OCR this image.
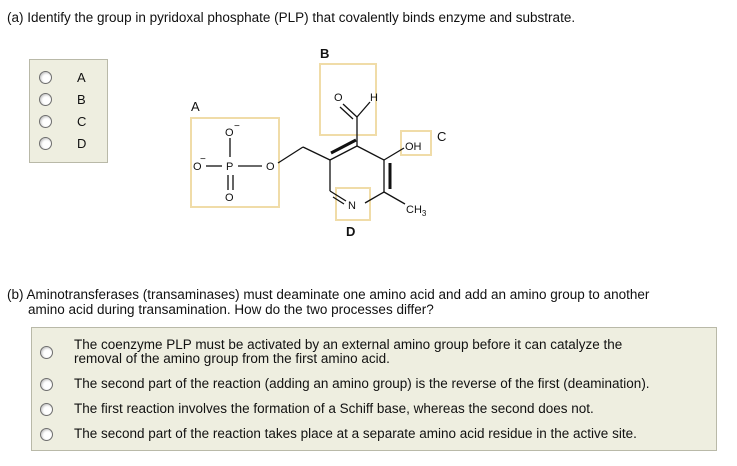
(a) Identify the group in pyridoxal phosphate (PLP) that covalently binds enzyme and substrate.
A
B
C
D
A
B
C
D
O
−
O
−
P
O
O
O H
OH
N	$CH_3$
(b) Aminotransferases (transaminases) must deaminate one amino acid and add an amino group to another
amino acid during transamination. How do the two processes differ?
The coenzyme PLP must be activated by an external amino group before it can catalyze the
removal of the amino group from the first amino acid.
The second part of the reaction (adding an amino group) is the reverse of the first (deamination).
The first reaction involves the formation of a Schiff base, whereas the second does not.
The second part of the reaction takes place at a separate amino acid residue in the active site.
